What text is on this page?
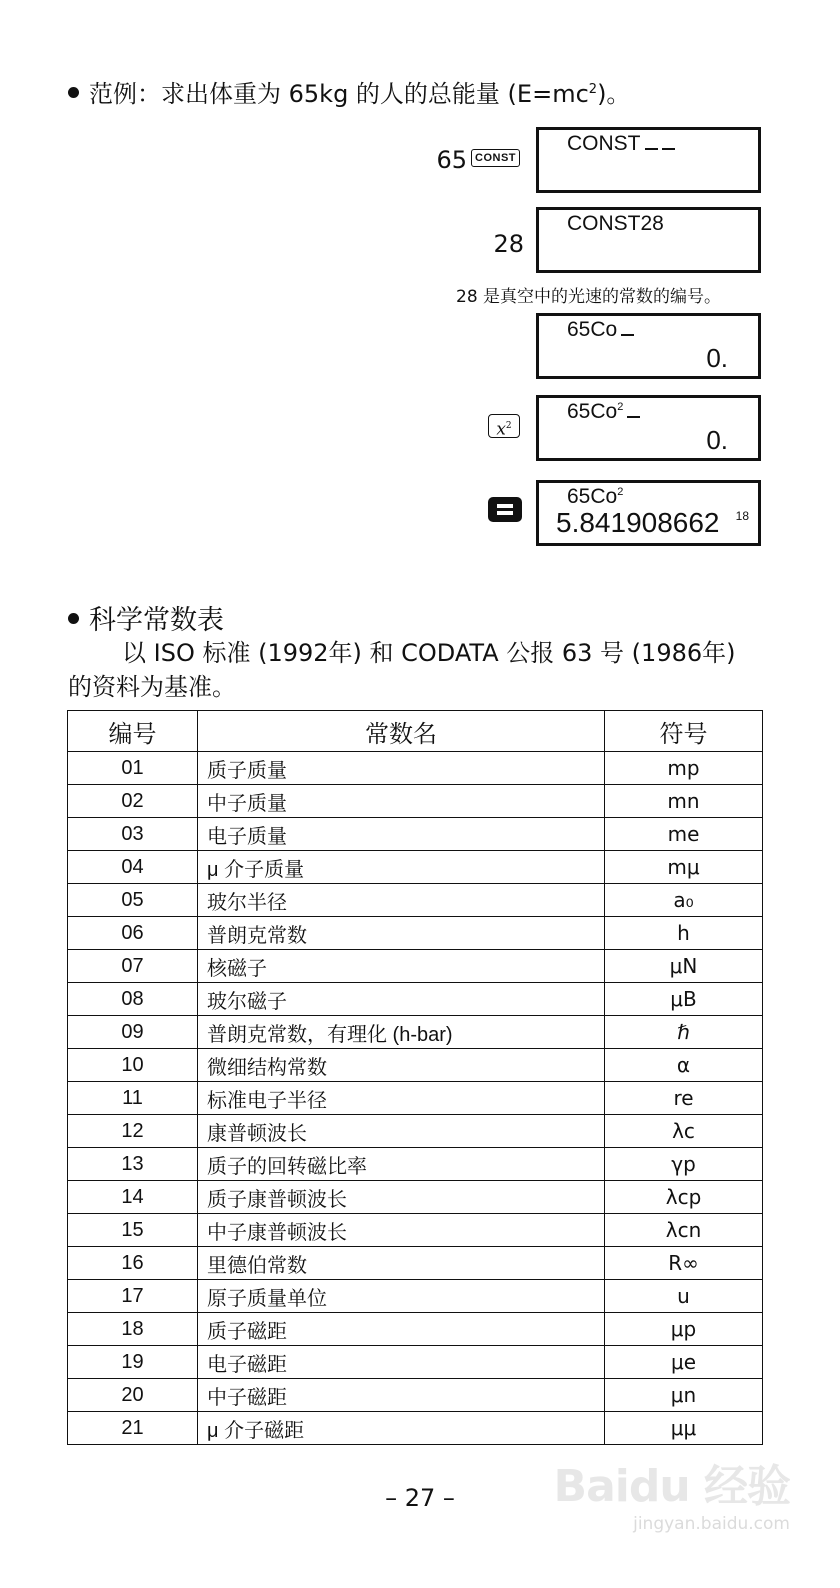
范例：求出体重为 65kg 的人的总能量 $(E=mc^2)$。
65 CONST
CONST
28
CONST28
28 是真空中的光速的常数的编号。
65Co
0.
$x^2$
65Co$^2$
0.
65Co$^2$
5.841908662 18
科学常数表
以 ISO 标准 (1992年) 和 CODATA 公报 63 号 (1986年) 的资料为基准。
编号	常数名	符号
01	质子质量	mp
02	中子质量	mn
03	电子质量	me
04	μ 介子质量	mμ
05	玻尔半径	a₀
06	普朗克常数	h
07	核磁子	μN
08	玻尔磁子	μB
09	普朗克常数，有理化 (h-bar)	ℏ
10	微细结构常数	α
11	标准电子半径	re
12	康普顿波长	λc
13	质子的回转磁比率	γp
14	质子康普顿波长	λcp
15	中子康普顿波长	λcn
16	里德伯常数	R∞
17	原子质量单位	u
18	质子磁距	μp
19	电子磁距	μe
20	中子磁距	μn
21	μ 介子磁距	μμ
– 27 –	Baidu 经验
jingyan.baidu.com
